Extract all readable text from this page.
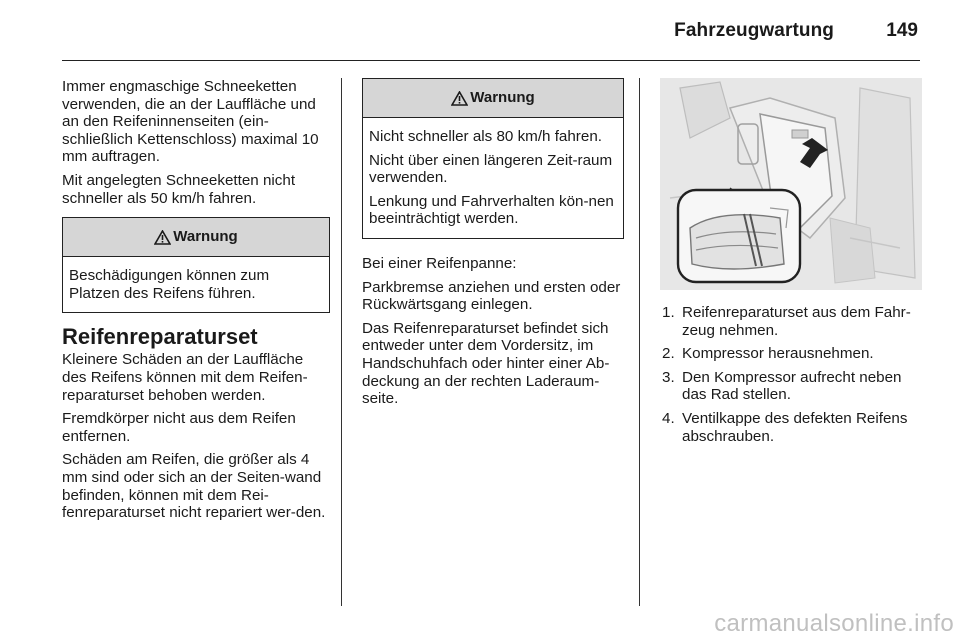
Fahrzeugwartung	149

Immer engmaschige Schneeketten verwenden, die an der Lauffläche und an den Reifeninnenseiten (ein-schließlich Kettenschloss) maximal 10 mm auftragen.

Mit angelegten Schneeketten nicht schneller als 50 km/h fahren.

Warnung

Beschädigungen können zum Platzen des Reifens führen.

Reifenreparaturset

Kleinere Schäden an der Lauffläche des Reifens können mit dem Reifen-reparaturset behoben werden.

Fremdkörper nicht aus dem Reifen entfernen.

Schäden am Reifen, die größer als 4 mm sind oder sich an der Seiten-wand befinden, können mit dem Rei-fenreparaturset nicht repariert wer-den.

Warnung

Nicht schneller als 80 km/h fahren.

Nicht über einen längeren Zeit-raum verwenden.

Lenkung und Fahrverhalten kön-nen beeinträchtigt werden.

Bei einer Reifenpanne:

Parkbremse anziehen und ersten oder Rückwärtsgang einlegen.

Das Reifenreparaturset befindet sich entweder unter dem Vordersitz, im Handschuhfach oder hinter einer Ab-deckung an der rechten Laderaum-seite.

1. Reifenreparaturset aus dem Fahr-zeug nehmen.
2. Kompressor herausnehmen.
3. Den Kompressor aufrecht neben das Rad stellen.
4. Ventilkappe des defekten Reifens abschrauben.
carmanualsonline.info
